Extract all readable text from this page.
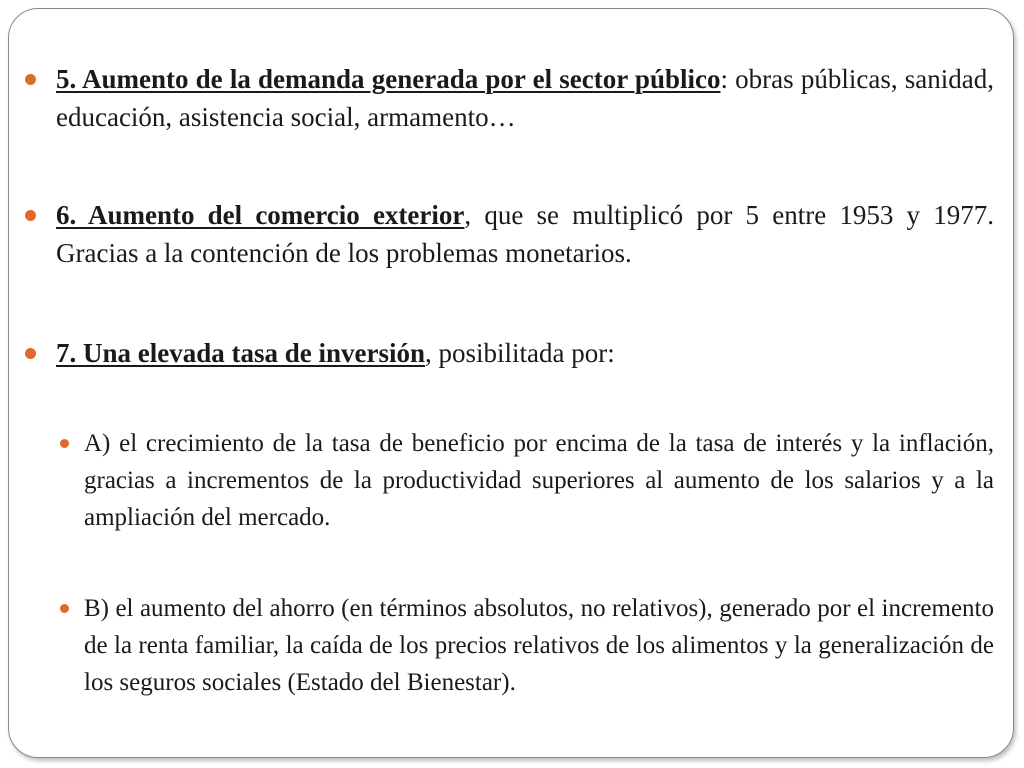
5. Aumento de la demanda generada por el sector público: obras públicas, sanidad, educación, asistencia social, armamento…
6. Aumento del comercio exterior, que se multiplicó por 5 entre 1953 y 1977. Gracias a la contención de los problemas monetarios.
7. Una elevada tasa de inversión, posibilitada por:
A) el crecimiento de la tasa de beneficio por encima de la tasa de interés y la inflación, gracias a incrementos de la productividad superiores al aumento de los salarios y a la ampliación del mercado.
B) el aumento del ahorro (en términos absolutos, no relativos), generado por el incremento de la renta familiar, la caída de los precios relativos de los alimentos y la generalización de los seguros sociales (Estado del Bienestar).
